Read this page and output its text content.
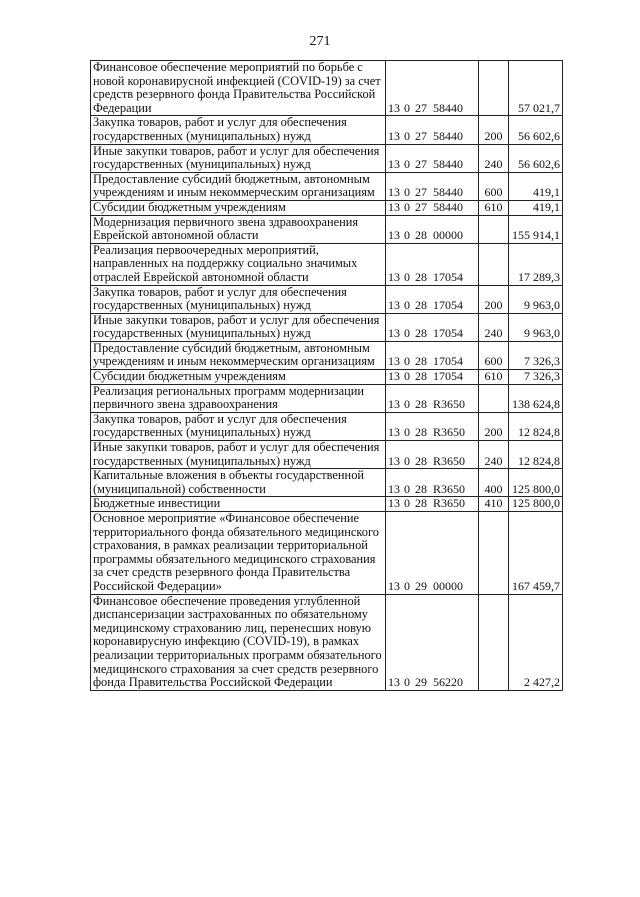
271
Финансовое обеспечение мероприятий по борьбе с новой коронавирусной инфекцией (COVID-19) за счет средств резервного фонда Правительства Российской Федерации	13 0 27 58440		57 021,7
Закупка товаров, работ и услуг для обеспечения государственных (муниципальных) нужд	13 0 27 58440	200	56 602,6
Иные закупки товаров, работ и услуг для обеспечения государственных (муниципальных) нужд	13 0 27 58440	240	56 602,6
Предоставление субсидий бюджетным, автономным учреждениям и иным некоммерческим организациям	13 0 27 58440	600	419,1
Субсидии бюджетным учреждениям	13 0 27 58440	610	419,1
Модернизация первичного звена здравоохранения Еврейской автономной области	13 0 28 00000		155 914,1
Реализация первоочередных мероприятий, направленных на поддержку социально значимых отраслей Еврейской автономной области	13 0 28 17054		17 289,3
Закупка товаров, работ и услуг для обеспечения государственных (муниципальных) нужд	13 0 28 17054	200	9 963,0
Иные закупки товаров, работ и услуг для обеспечения государственных (муниципальных) нужд	13 0 28 17054	240	9 963,0
Предоставление субсидий бюджетным, автономным учреждениям и иным некоммерческим организациям	13 0 28 17054	600	7 326,3
Субсидии бюджетным учреждениям	13 0 28 17054	610	7 326,3
Реализация региональных программ модернизации первичного звена здравоохранения	13 0 28 R3650		138 624,8
Закупка товаров, работ и услуг для обеспечения государственных (муниципальных) нужд	13 0 28 R3650	200	12 824,8
Иные закупки товаров, работ и услуг для обеспечения государственных (муниципальных) нужд	13 0 28 R3650	240	12 824,8
Капитальные вложения в объекты государственной (муниципальной) собственности	13 0 28 R3650	400	125 800,0
Бюджетные инвестиции	13 0 28 R3650	410	125 800,0
Основное мероприятие «Финансовое обеспечение территориального фонда обязательного медицинского страхования, в рамках реализации территориальной программы обязательного медицинского страхования за счет средств резервного фонда Правительства Российской Федерации»	13 0 29 00000		167 459,7
Финансовое обеспечение проведения углубленной диспансеризации застрахованных по обязательному медицинскому страхованию лиц, перенесших новую коронавирусную инфекцию (COVID-19), в рамках реализации территориальных программ обязательного медицинского страхования за счет средств резервного фонда Правительства Российской Федерации	13 0 29 56220		2 427,2
